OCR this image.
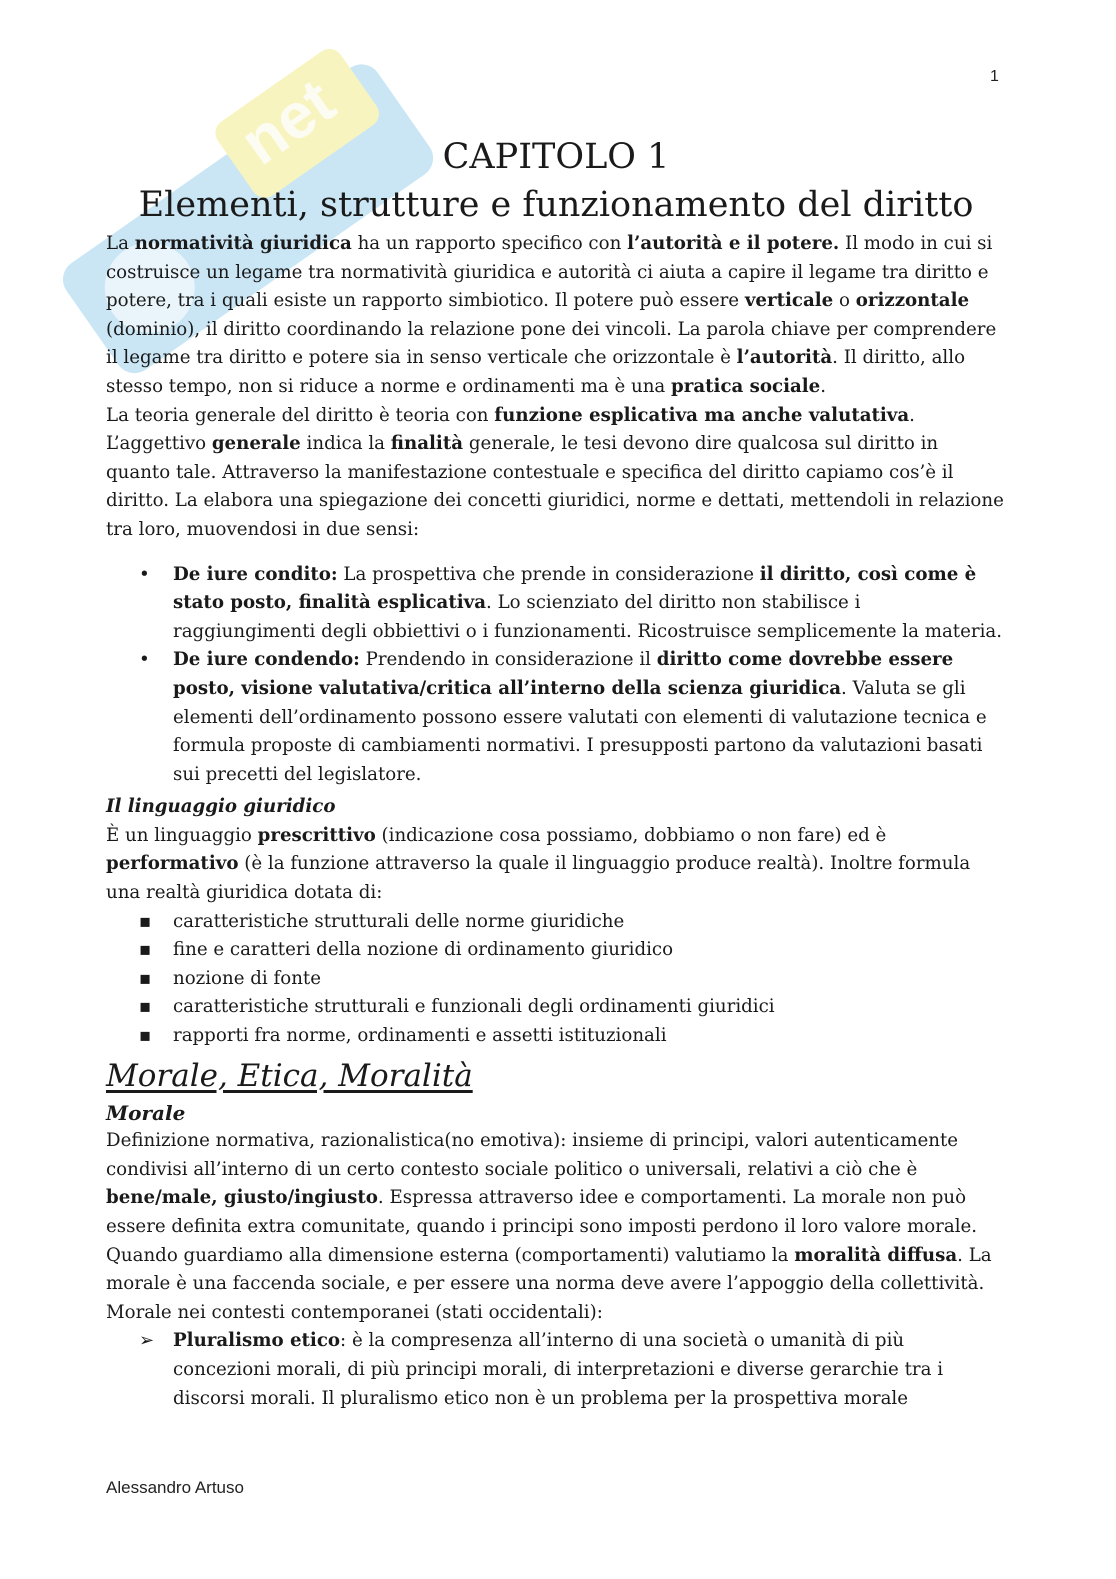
net	1
CAPITOLO 1
Elementi, strutture e funzionamento del diritto

La normatività giuridica ha un rapporto specifico con l’autorità e il potere. Il modo in cui si costruisce un legame tra normatività giuridica e autorità ci aiuta a capire il legame tra diritto e potere, tra i quali esiste un rapporto simbiotico. Il potere può essere verticale o orizzontale (dominio), il diritto coordinando la relazione pone dei vincoli. La parola chiave per comprendere il legame tra diritto e potere sia in senso verticale che orizzontale è l’autorità. Il diritto, allo stesso tempo, non si riduce a norme e ordinamenti ma è una pratica sociale.

La teoria generale del diritto è teoria con funzione esplicativa ma anche valutativa.

L’aggettivo generale indica la finalità generale, le tesi devono dire qualcosa sul diritto in quanto tale. Attraverso la manifestazione contestuale e specifica del diritto capiamo cos’è il diritto. La elabora una spiegazione dei concetti giuridici, norme e dettati, mettendoli in relazione tra loro, muovendosi in due sensi:

• De iure condito: La prospettiva che prende in considerazione il diritto, così come è stato posto, finalità esplicativa. Lo scienziato del diritto non stabilisce i raggiungimenti degli obbiettivi o i funzionamenti. Ricostruisce semplicemente la materia.
• De iure condendo: Prendendo in considerazione il diritto come dovrebbe essere posto, visione valutativa/critica all’interno della scienza giuridica. Valuta se gli elementi dell’ordinamento possono essere valutati con elementi di valutazione tecnica e formula proposte di cambiamenti normativi. I presupposti partono da valutazioni basati sui precetti del legislatore.
Il linguaggio giuridico

È un linguaggio prescrittivo (indicazione cosa possiamo, dobbiamo o non fare) ed è performativo (è la funzione attraverso la quale il linguaggio produce realtà). Inoltre formula una realtà giuridica dotata di:

▪ caratteristiche strutturali delle norme giuridiche
▪ fine e caratteri della nozione di ordinamento giuridico
▪ nozione di fonte
▪ caratteristiche strutturali e funzionali degli ordinamenti giuridici
▪ rapporti fra norme, ordinamenti e assetti istituzionali
Morale, Etica, Moralità
Morale

Definizione normativa, razionalistica(no emotiva): insieme di principi, valori autenticamente condivisi all’interno di un certo contesto sociale politico o universali, relativi a ciò che è bene/male, giusto/ingiusto. Espressa attraverso idee e comportamenti. La morale non può essere definita extra comunitate, quando i principi sono imposti perdono il loro valore morale. Quando guardiamo alla dimensione esterna (comportamenti) valutiamo la moralità diffusa. La morale è una faccenda sociale, e per essere una norma deve avere l’appoggio della collettività. Morale nei contesti contemporanei (stati occidentali):

➢ Pluralismo etico: è la compresenza all’interno di una società o umanità di più concezioni morali, di più principi morali, di interpretazioni e diverse gerarchie tra i discorsi morali. Il pluralismo etico non è un problema per la prospettiva morale
Alessandro Artuso
